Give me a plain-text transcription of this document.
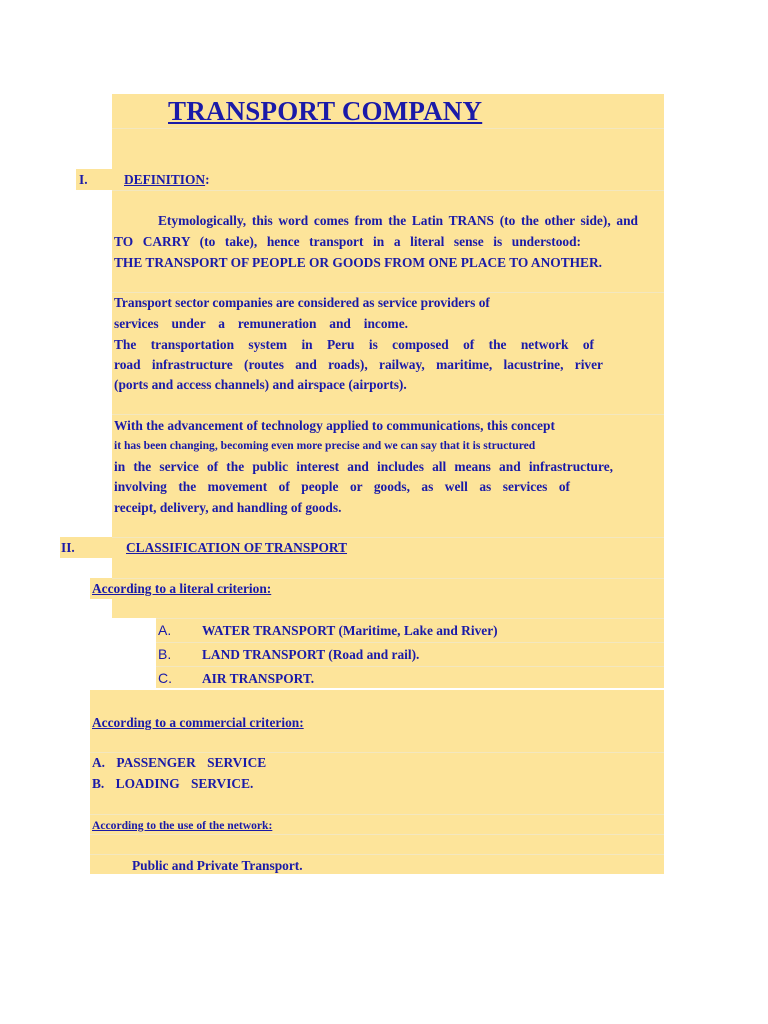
TRANSPORT COMPANY
I.	DEFINITION:
Etymologically, this word comes from the Latin TRANS (to the other side), and
TO CARRY (to take), hence transport in a literal sense is understood:
THE TRANSPORT OF PEOPLE OR GOODS FROM ONE PLACE TO ANOTHER.
Transport sector companies are considered as service providers of
services under a remuneration and income.
The transportation system in Peru is composed of the network of
road infrastructure (routes and roads), railway, maritime, lacustrine, river
(ports and access channels) and airspace (airports).
With the advancement of technology applied to communications, this concept
it has been changing, becoming even more precise and we can say that it is structured
in the service of the public interest and includes all means and infrastructure,
involving the movement of people or goods, as well as services of
receipt, delivery, and handling of goods.
II.	CLASSIFICATION OF TRANSPORT
According to a literal criterion:
A. WATER TRANSPORT (Maritime, Lake and River)
B. LAND TRANSPORT (Road and rail).
C. AIR TRANSPORT.
According to a commercial criterion:
A. PASSENGER SERVICE
B. LOADING SERVICE.
According to the use of the network:
Public and Private Transport.
